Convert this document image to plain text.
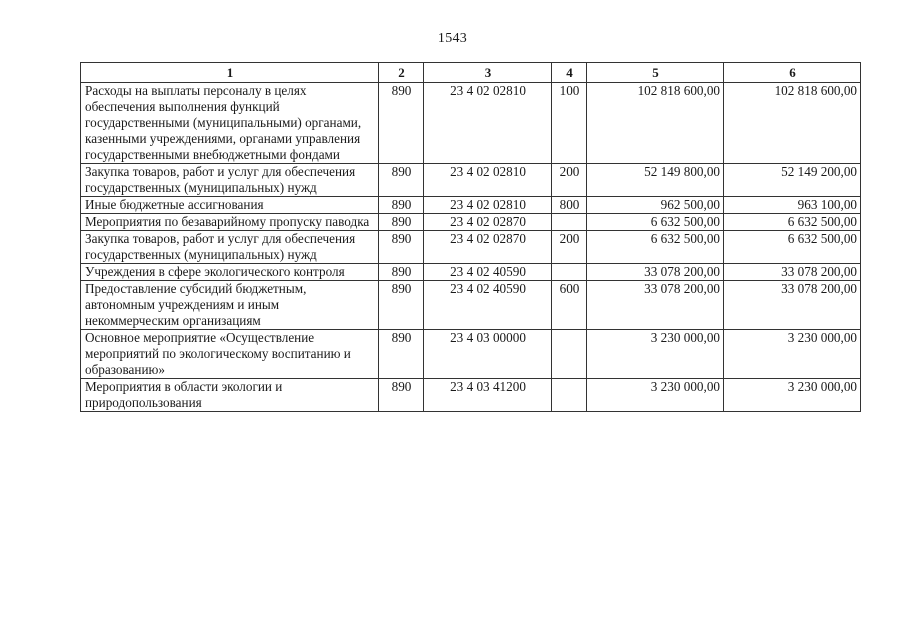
1543
1	2	3	4	5	6
Расходы на выплаты персоналу в целях обеспечения выполнения функций государственными (муниципальными) органами, казенными учреждениями, органами управления государственными внебюджетными фондами	890	23 4 02 02810	100	102 818 600,00	102 818 600,00
Закупка товаров, работ и услуг для обеспечения государственных (муниципальных) нужд	890	23 4 02 02810	200	52 149 800,00	52 149 200,00
Иные бюджетные ассигнования	890	23 4 02 02810	800	962 500,00	963 100,00
Мероприятия по безаварийному пропуску паводка	890	23 4 02 02870		6 632 500,00	6 632 500,00
Закупка товаров, работ и услуг для обеспечения государственных (муниципальных) нужд	890	23 4 02 02870	200	6 632 500,00	6 632 500,00
Учреждения в сфере экологического контроля	890	23 4 02 40590		33 078 200,00	33 078 200,00
Предоставление субсидий бюджетным, автономным учреждениям и иным некоммерческим организациям	890	23 4 02 40590	600	33 078 200,00	33 078 200,00
Основное мероприятие «Осуществление мероприятий по экологическому воспитанию и образованию»	890	23 4 03 00000		3 230 000,00	3 230 000,00
Мероприятия в области экологии и природопользования	890	23 4 03 41200		3 230 000,00	3 230 000,00
